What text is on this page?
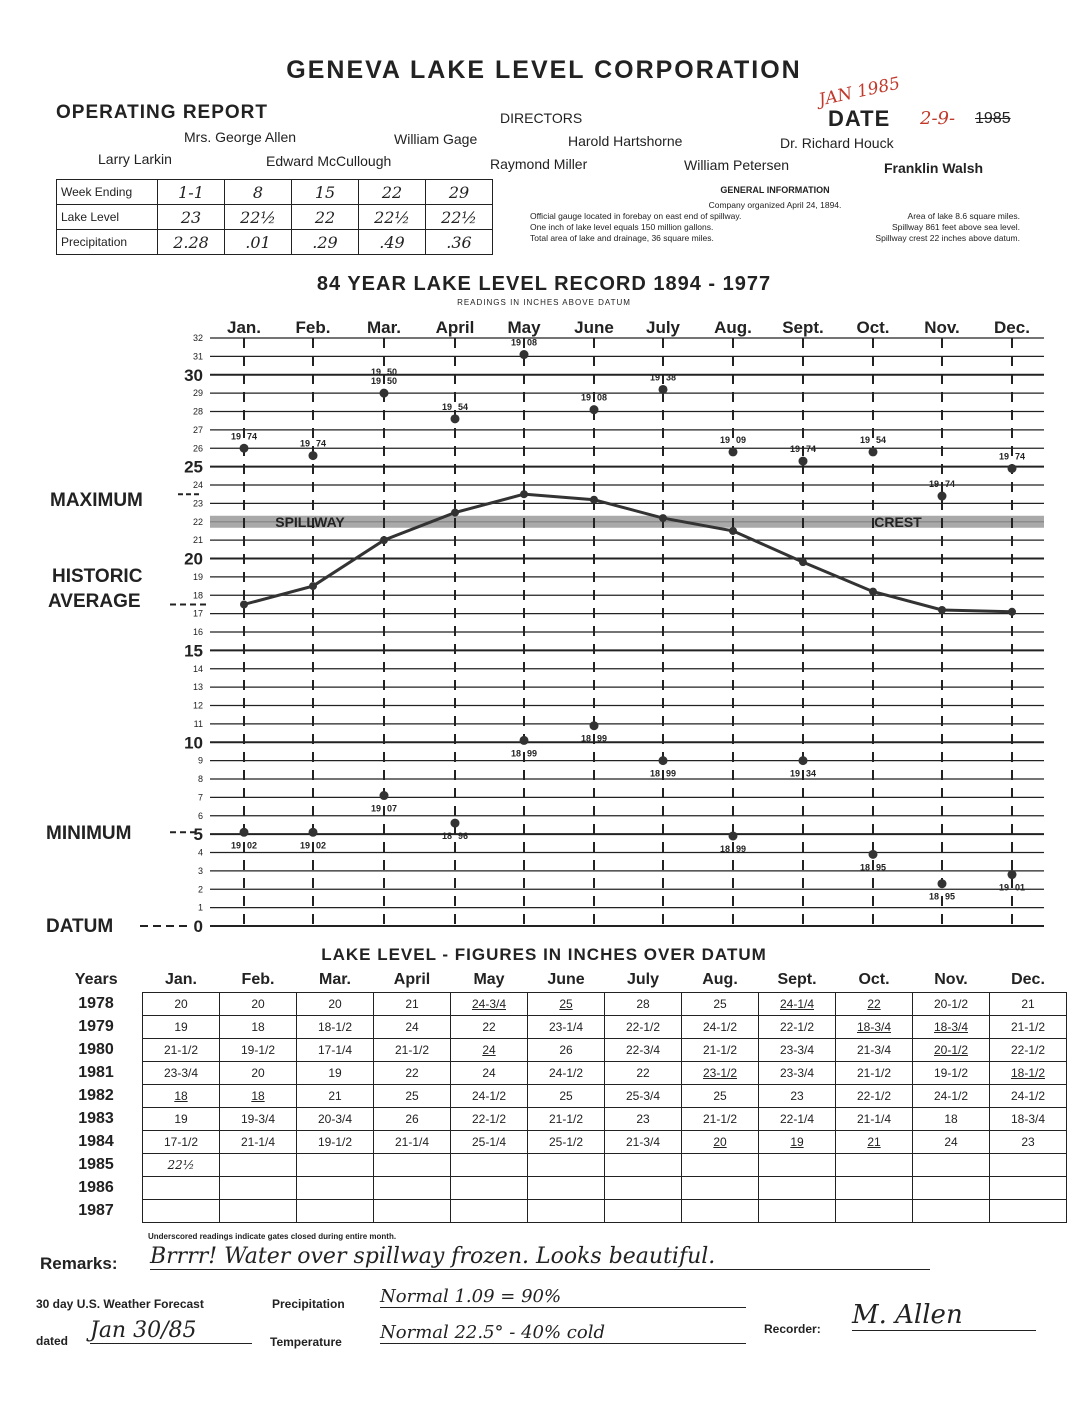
GENEVA LAKE LEVEL CORPORATION
OPERATING REPORT	DIRECTORS
JAN 1985
DATE 2-9- 1985
Mrs. George Allen	William Gage	Harold Hartshorne	Dr. Richard Houck
Larry Larkin	Edward McCullough	Raymond Miller	William Petersen	Franklin Walsh
Week Ending	1-1	8	15	22	29
Lake Level	23	22½	22	22½	22½
Precipitation	2.28	.01	.29	.49	.36
GENERAL INFORMATION
Company organized April 24, 1894.
Official gauge located in forebay on east end of spillway.	Area of lake 8.6 square miles.
One inch of lake level equals 150 million gallons.	Spillway 861 feet above sea level.
Total area of lake and drainage, 36 square miles.	Spillway crest 22 inches above datum.
84 YEAR LAKE LEVEL RECORD 1894 - 1977
READINGS IN INCHES ABOVE DATUM
SPILLWAY	CREST
32
31
30
29
28
27
26
25
24
23
22
21
20
19
18
17
16
15
14
13
12
11
10
9
8
7
6
5
4
3
2
1
0
Jan. Feb. Mar. April May June July Aug. Sept. Oct. Nov. Dec.
19 74
19 74
19 50
19 54
19 08
19 08
19 38
19 09
19 74
19 54
19 74
19 74
19 02	19 02
19 07
18 96
18 99
18 99
18 99
18 99
19 34
18 95
18 95
19 01
19 50
MAXIMUM
HISTORIC
AVERAGE
MINIMUM
DATUM
LAKE LEVEL - FIGURES IN INCHES OVER DATUM
Years	Jan.	Feb.	Mar.	April	May	June	July	Aug.	Sept.	Oct.	Nov.	Dec.
1978	20	20	20	21	24-3/4	25	28	25	24-1/4	22	20-1/2	21
1979	19	18	18-1/2	24	22	23-1/4	22-1/2	24-1/2	22-1/2	18-3/4	18-3/4	21-1/2
1980	21-1/2	19-1/2	17-1/4	21-1/2	24	26	22-3/4	21-1/2	23-3/4	21-3/4	20-1/2	22-1/2
1981	23-3/4	20	19	22	24	24-1/2	22	23-1/2	23-3/4	21-1/2	19-1/2	18-1/2
1982	18	18	21	25	24-1/2	25	25-3/4	25	23	22-1/2	24-1/2	24-1/2
1983	19	19-3/4	20-3/4	26	22-1/2	21-1/2	23	21-1/2	22-1/4	21-1/4	18	18-3/4
1984	17-1/2	21-1/4	19-1/2	21-1/4	25-1/4	25-1/2	21-3/4	20	19	21	24	23
1985	22½											
1986												
1987												
Underscored readings indicate gates closed during entire month.
Remarks: Brrrr! Water over spillway frozen. Looks beautiful.
30 day U.S. Weather Forecast	Precipitation Normal 1.09 = 90%
dated Jan 30/85	Temperature Normal 22.5° - 40% cold	Recorder: M. Allen
